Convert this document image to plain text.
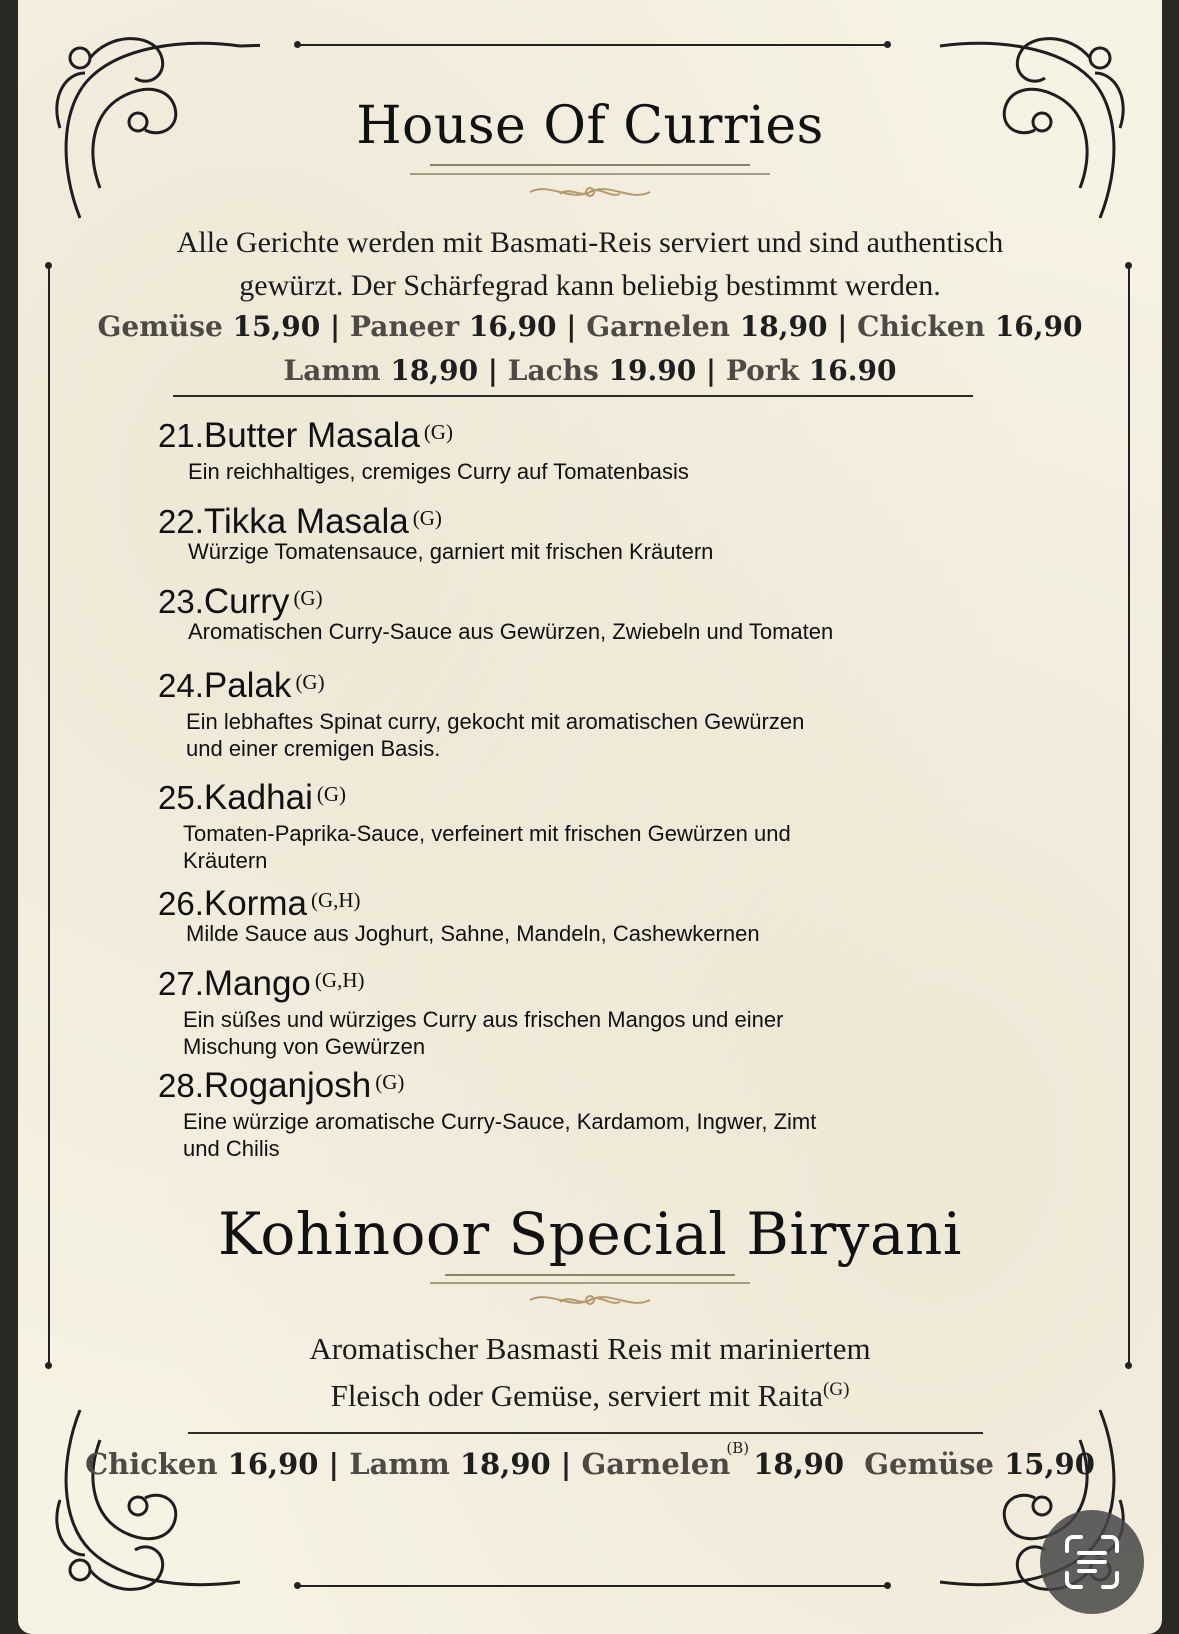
House Of Curries
Alle Gerichte werden mit Basmati-Reis serviert und sind authentisch
gewürzt. Der Schärfegrad kann beliebig bestimmt werden.
Gemüse 15,90 | Paneer 16,90 | Garnelen 18,90 | Chicken 16,90
Lamm 18,90 | Lachs 19.90 | Pork 16.90
21.Butter Masala $^{(G)}$
Ein reichhaltiges, cremiges Curry auf Tomatenbasis
22.Tikka Masala $^{(G)}$
Würzige Tomatensauce, garniert mit frischen Kräutern
23.Curry $^{(G)}$
Aromatischen Curry-Sauce aus Gewürzen, Zwiebeln und Tomaten
24.Palak $^{(G)}$
Ein lebhaftes Spinat curry, gekocht mit aromatischen Gewürzen
und einer cremigen Basis.
25.Kadhai $^{(G)}$
Tomaten-Paprika-Sauce, verfeinert mit frischen Gewürzen und
Kräutern
26.Korma $^{(G,H)}$
Milde Sauce aus Joghurt, Sahne, Mandeln, Cashewkernen
27.Mango $^{(G,H)}$
Ein süßes und würziges Curry aus frischen Mangos und einer
Mischung von Gewürzen
28.Roganjosh $^{(G)}$
Eine würzige aromatische Curry-Sauce, Kardamom, Ingwer, Zimt
und Chilis
Kohinoor Special Biryani
Aromatischer Basmasti Reis mit mariniertem
Fleisch oder Gemüse, serviert mit Raita$^{(G)}$
Chicken 16,90 | Lamm 18,90 | Garnelen$^{(B)}$ 18,90 Gemüse 15,90
